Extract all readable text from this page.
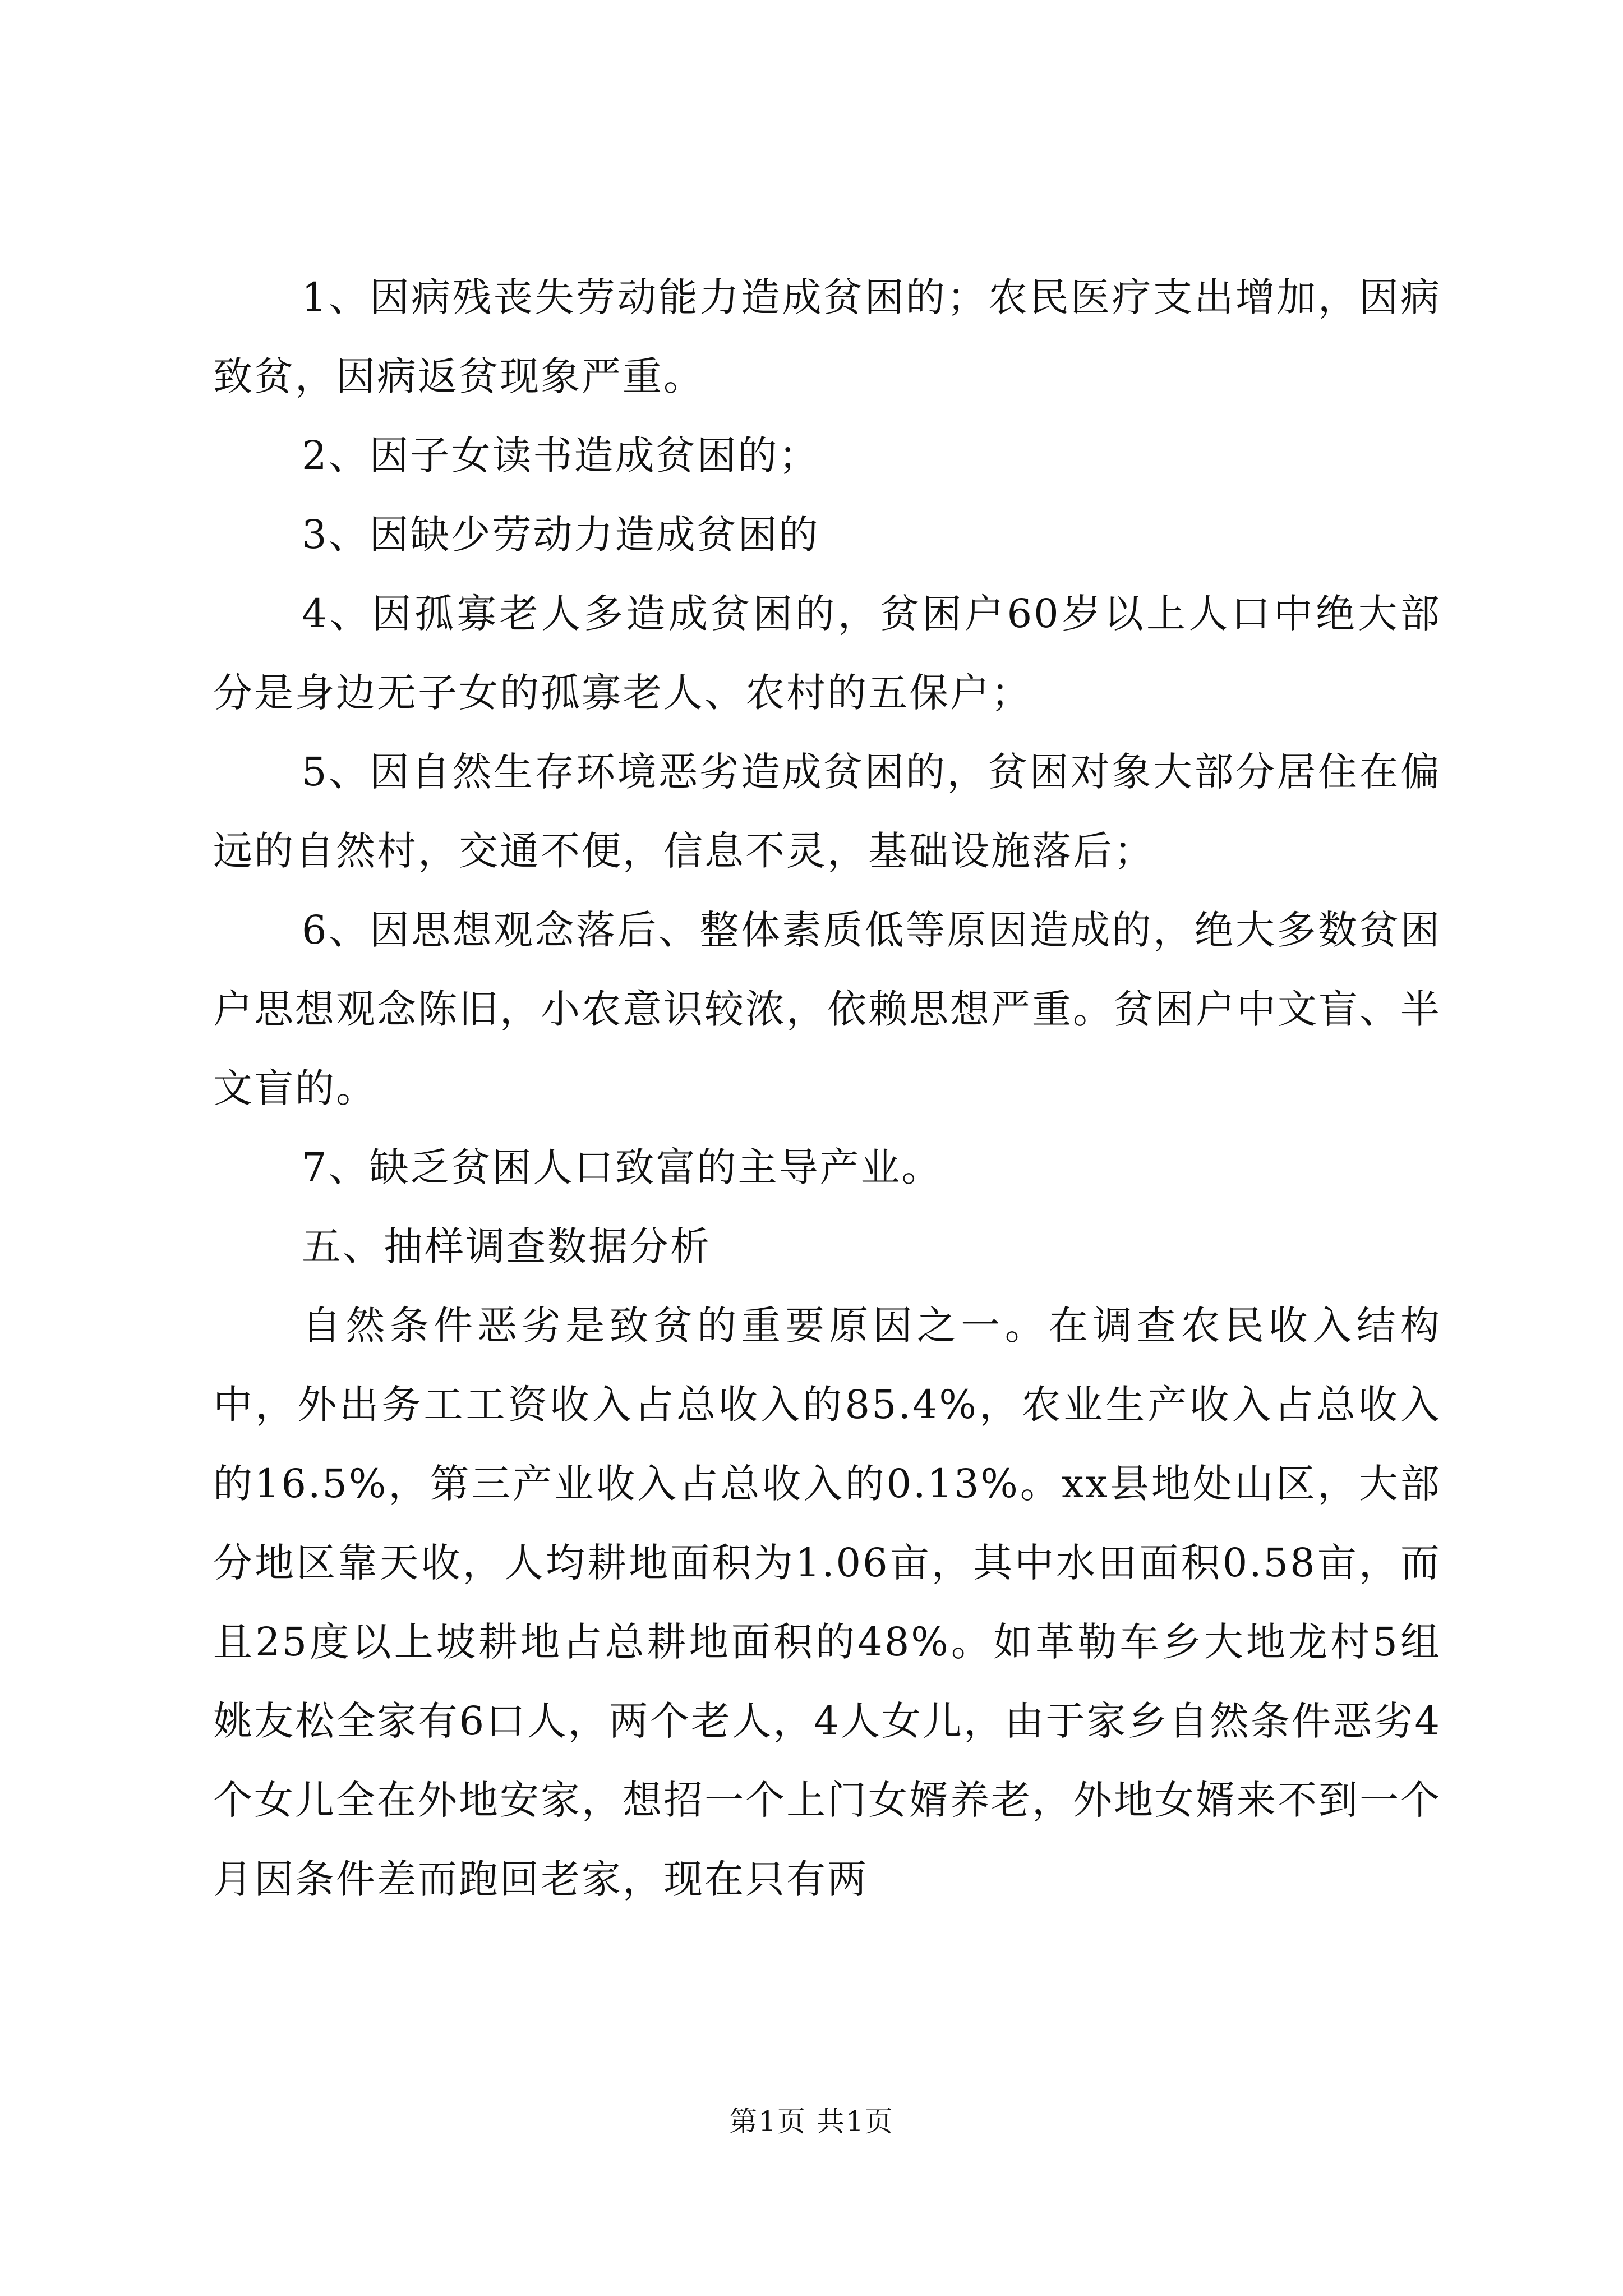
1、因病残丧失劳动能力造成贫困的；农民医疗支出增加，因病致贫，因病返贫现象严重。

2、因子女读书造成贫困的；

3、因缺少劳动力造成贫困的

4、因孤寡老人多造成贫困的，贫困户60岁以上人口中绝大部分是身边无子女的孤寡老人、农村的五保户；

5、因自然生存环境恶劣造成贫困的，贫困对象大部分居住在偏远的自然村，交通不便，信息不灵，基础设施落后；

6、因思想观念落后、整体素质低等原因造成的，绝大多数贫困户思想观念陈旧，小农意识较浓，依赖思想严重。贫困户中文盲、半文盲的。

7、缺乏贫困人口致富的主导产业。

五、抽样调查数据分析

自然条件恶劣是致贫的重要原因之一。在调查农民收入结构中，外出务工工资收入占总收入的85.4%，农业生产收入占总收入的16.5%，第三产业收入占总收入的0.13%。xx县地处山区，大部分地区靠天收，人均耕地面积为1.06亩，其中水田面积0.58亩，而且25度以上坡耕地占总耕地面积的48%。如革勒车乡大地龙村5组姚友松全家有6口人，两个老人，4人女儿，由于家乡自然条件恶劣4个女儿全在外地安家，想招一个上门女婿养老，外地女婿来不到一个月因条件差而跑回老家，现在只有两

第1页 共1页
